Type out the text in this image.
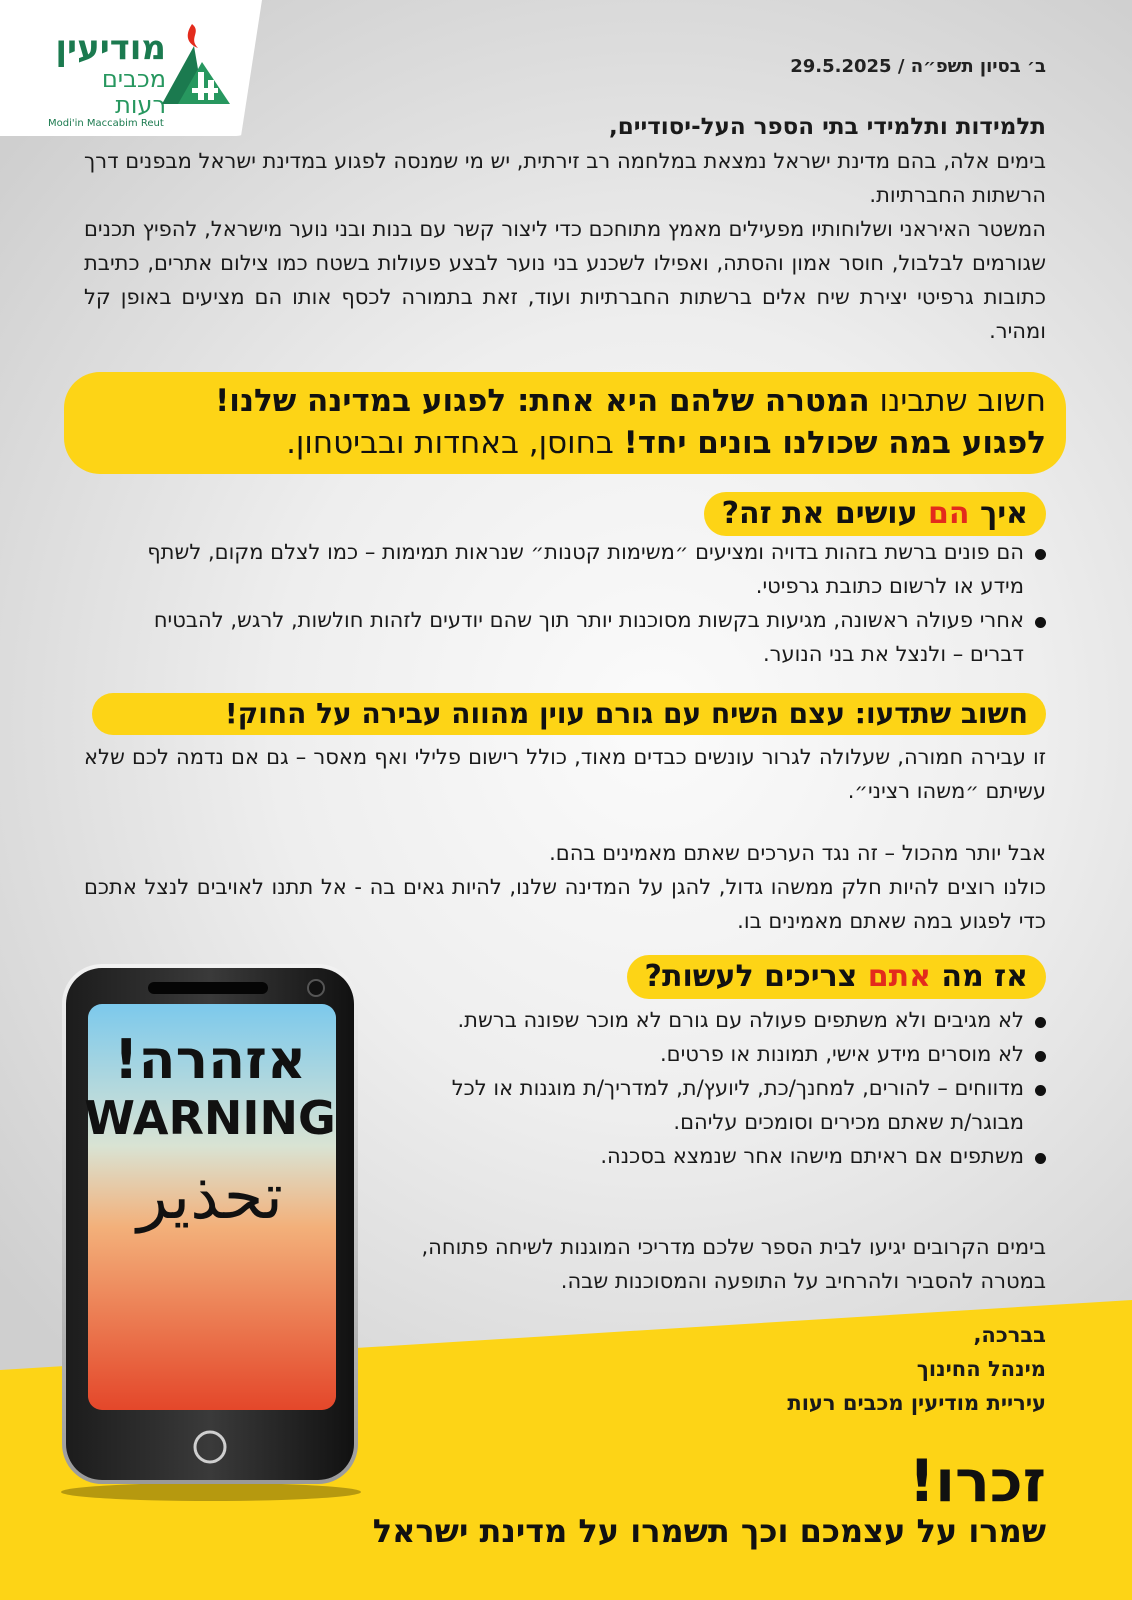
מודיעין
מכבים רעות
Modi'in Maccabim Reut
ב׳ בסיון תשפ״ה / 29.5.2025
תלמידות ותלמידי בתי הספר העל-יסודיים,
בימים אלה, בהם מדינת ישראל נמצאת במלחמה רב זירתית, יש מי שמנסה לפגוע במדינת ישראל מבפנים דרך הרשתות החברתיות.
המשטר האיראני ושלוחותיו מפעילים מאמץ מתוחכם כדי ליצור קשר עם בנות ובני נוער מישראל, להפיץ תכנים שגורמים לבלבול, חוסר אמון והסתה, ואפילו לשכנע בני נוער לבצע פעולות בשטח כמו צילום אתרים, כתיבת כתובות גרפיטי יצירת שיח אלים ברשתות החברתיות ועוד, זאת בתמורה לכסף אותו הם מציעים באופן קל ומהיר.
חשוב שתבינו המטרה שלהם היא אחת: לפגוע במדינה שלנו!
לפגוע במה שכולנו בונים יחד! בחוסן, באחדות ובביטחון.
איך הם עושים את זה?
הם פונים ברשת בזהות בדויה ומציעים ״משימות קטנות״ שנראות תמימות – כמו לצלם מקום, לשתף מידע או לרשום כתובת גרפיטי.
אחרי פעולה ראשונה, מגיעות בקשות מסוכנות יותר תוך שהם יודעים לזהות חולשות, לרגש, להבטיח דברים – ולנצל את בני הנוער.
חשוב שתדעו: עצם השיח עם גורם עוין מהווה עבירה על החוק!
זו עבירה חמורה, שעלולה לגרור עונשים כבדים מאוד, כולל רישום פלילי ואף מאסר – גם אם נדמה לכם שלא עשיתם ״משהו רציני״.
אבל יותר מהכול – זה נגד הערכים שאתם מאמינים בהם.
כולנו רוצים להיות חלק ממשהו גדול, להגן על המדינה שלנו, להיות גאים בה - אל תתנו לאויבים לנצל אתכם כדי לפגוע במה שאתם מאמינים בו.
אז מה אתם צריכים לעשות?
לא מגיבים ולא משתפים פעולה עם גורם לא מוכר שפונה ברשת.
לא מוסרים מידע אישי, תמונות או פרטים.
מדווחים – להורים, למחנך/כת, ליועץ/ת, למדריך/ת מוגנות או לכל מבוגר/ת שאתם מכירים וסומכים עליהם.
משתפים אם ראיתם מישהו אחר שנמצא בסכנה.
בימים הקרובים יגיעו לבית הספר שלכם מדריכי המוגנות לשיחה פתוחה, במטרה להסביר ולהרחיב על התופעה והמסוכנות שבה.
בברכה,
מינהל החינוך
עיריית מודיעין מכבים רעות
אזהרה!
WARNING
تحذير
זכרו!
שמרו על עצמכם וכך תשמרו על מדינת ישראל
